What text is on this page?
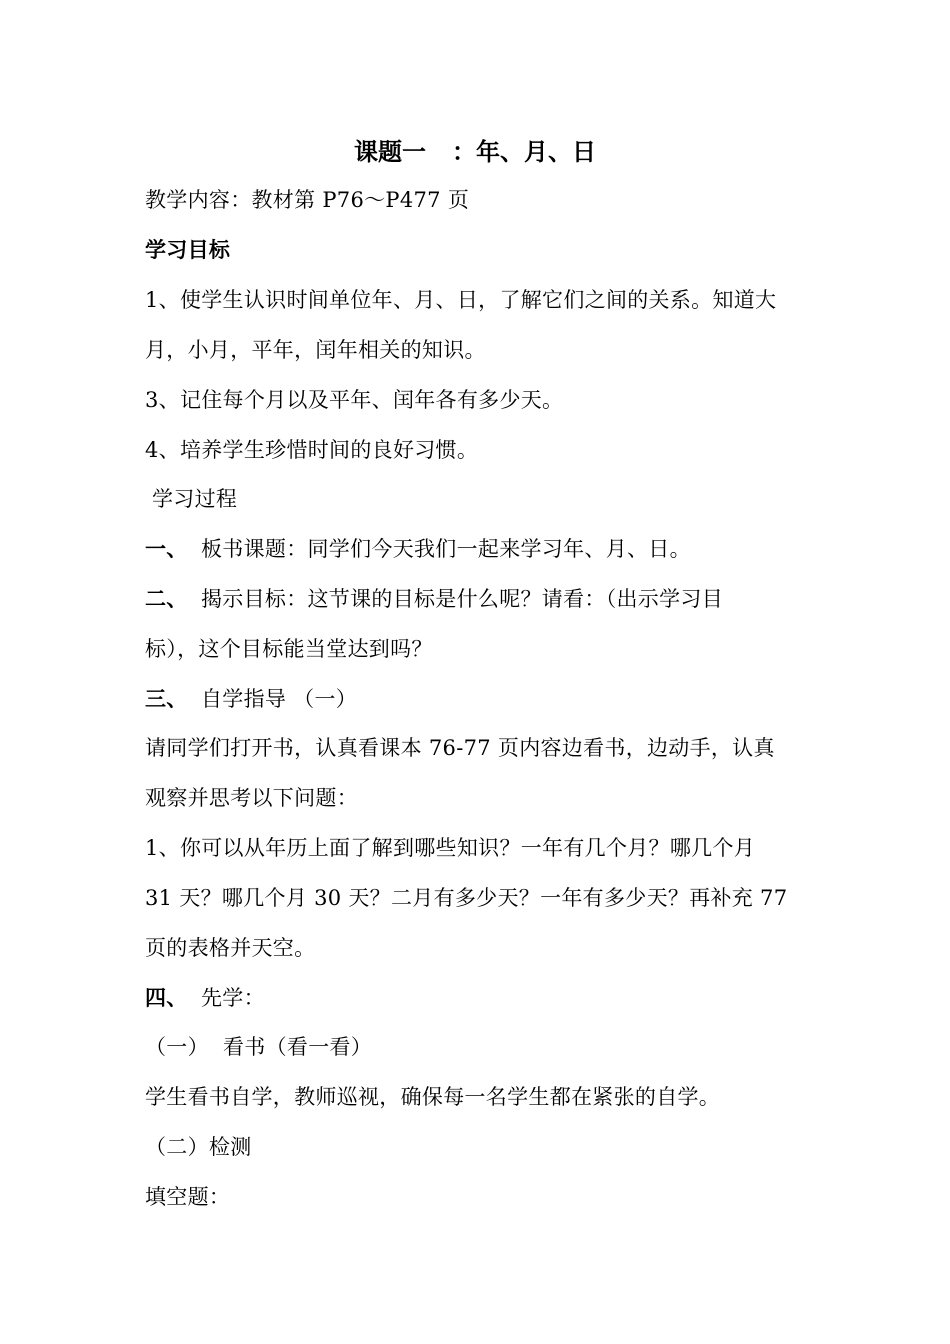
课题一 ：年、月、日
教学内容：教材第 P76～P477 页
学习目标
1、使学生认识时间单位年、月、日，了解它们之间的关系。知道大
月，小月，平年，闰年相关的知识。
3、记住每个月以及平年、闰年各有多少天。
4、培养学生珍惜时间的良好习惯。
学习过程
一、 板书课题：同学们今天我们一起来学习年、月、日。
二、 揭示目标：这节课的目标是什么呢？请看：（出示学习目
标），这个目标能当堂达到吗？
三、 自学指导 （一）
请同学们打开书，认真看课本 76-77 页内容边看书，边动手，认真
观察并思考以下问题：
1、你可以从年历上面了解到哪些知识？一年有几个月？哪几个月
31 天？哪几个月 30 天？二月有多少天？一年有多少天？再补充 77
页的表格并天空。
四、 先学：
（一） 看书（看一看）
学生看书自学，教师巡视，确保每一名学生都在紧张的自学。
（二）检测
填空题：
